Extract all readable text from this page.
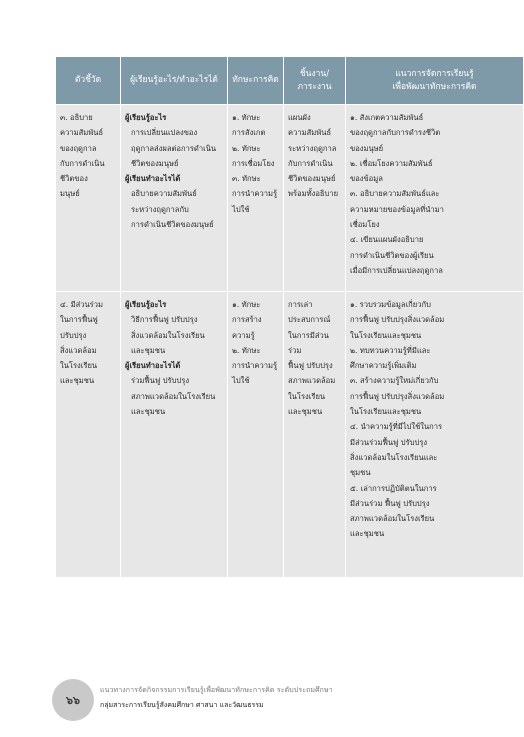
ตัวชี้วัด	ผู้เรียนรู้อะไร/ทำอะไรได้	ทักษะการคิด
ชิ้นงาน/
ภาระงาน
แนวการจัดการเรียนรู้
เพื่อพัฒนาทักษะการคิด
๓. อธิบาย
ความสัมพันธ์
ของฤดูกาล
กับการดำเนิน
ชีวิตของ
มนุษย์
ผู้เรียนรู้อะไร
การเปลี่ยนแปลงของ
ฤดูกาลส่งผลต่อการดำเนิน
ชีวิตของมนุษย์
ผู้เรียนทำอะไรได้
อธิบายความสัมพันธ์
ระหว่างฤดูกาลกับ
การดำเนินชีวิตของมนุษย์
๑. ทักษะ
การสังเกต
๒. ทักษะ
การเชื่อมโยง
๓. ทักษะ
การนำความรู้
ไปใช้
แผนผัง
ความสัมพันธ์
ระหว่างฤดูกาล
กับการดำเนิน
ชีวิตของมนุษย์
พร้อมทั้งอธิบาย
๑. สังเกตความสัมพันธ์
ของฤดูกาลกับการดำรงชีวิต
ของมนุษย์
๒. เชื่อมโยงความสัมพันธ์
ของข้อมูล
๓. อธิบายความสัมพันธ์และ
ความหมายของข้อมูลที่นำมา
เชื่อมโยง
๔. เขียนแผนผังอธิบาย
การดำเนินชีวิตของผู้เรียน
เมื่อมีการเปลี่ยนแปลงฤดูกาล
๔. มีส่วนร่วม
ในการฟื้นฟู
ปรับปรุง
สิ่งแวดล้อม
ในโรงเรียน
และชุมชน
ผู้เรียนรู้อะไร
วิธีการฟื้นฟู ปรับปรุง
สิ่งแวดล้อมในโรงเรียน
และชุมชน
ผู้เรียนทำอะไรได้
ร่วมฟื้นฟู ปรับปรุง
สภาพแวดล้อมในโรงเรียน
และชุมชน
๑. ทักษะ
การสร้างความรู้
๒. ทักษะ
การนำความรู้
ไปใช้
การเล่า
ประสบการณ์
ในการมีส่วนร่วม
ฟื้นฟู ปรับปรุง
สภาพแวดล้อม
ในโรงเรียน
และชุมชน
๑. รวบรวมข้อมูลเกี่ยวกับ
การฟื้นฟู ปรับปรุงสิ่งแวดล้อม
ในโรงเรียนและชุมชน
๒. ทบทวนความรู้ที่มีและ
ศึกษาความรู้เพิ่มเติม
๓. สร้างความรู้ใหม่เกี่ยวกับ
การฟื้นฟู ปรับปรุงสิ่งแวดล้อม
ในโรงเรียนและชุมชน
๔. นำความรู้ที่มีไปใช้ในการ
มีส่วนร่วมฟื้นฟู ปรับปรุง
สิ่งแวดล้อมในโรงเรียนและ
ชุมชน
๕. เล่าการปฏิบัติตนในการ
มีส่วนร่วม ฟื้นฟู ปรับปรุง
สภาพแวดล้อมในโรงเรียน
และชุมชน
๖๖
แนวทางการจัดกิจกรรมการเรียนรู้เพื่อพัฒนาทักษะการคิด ระดับประถมศึกษา
กลุ่มสาระการเรียนรู้สังคมศึกษา ศาสนา และวัฒนธรรม
